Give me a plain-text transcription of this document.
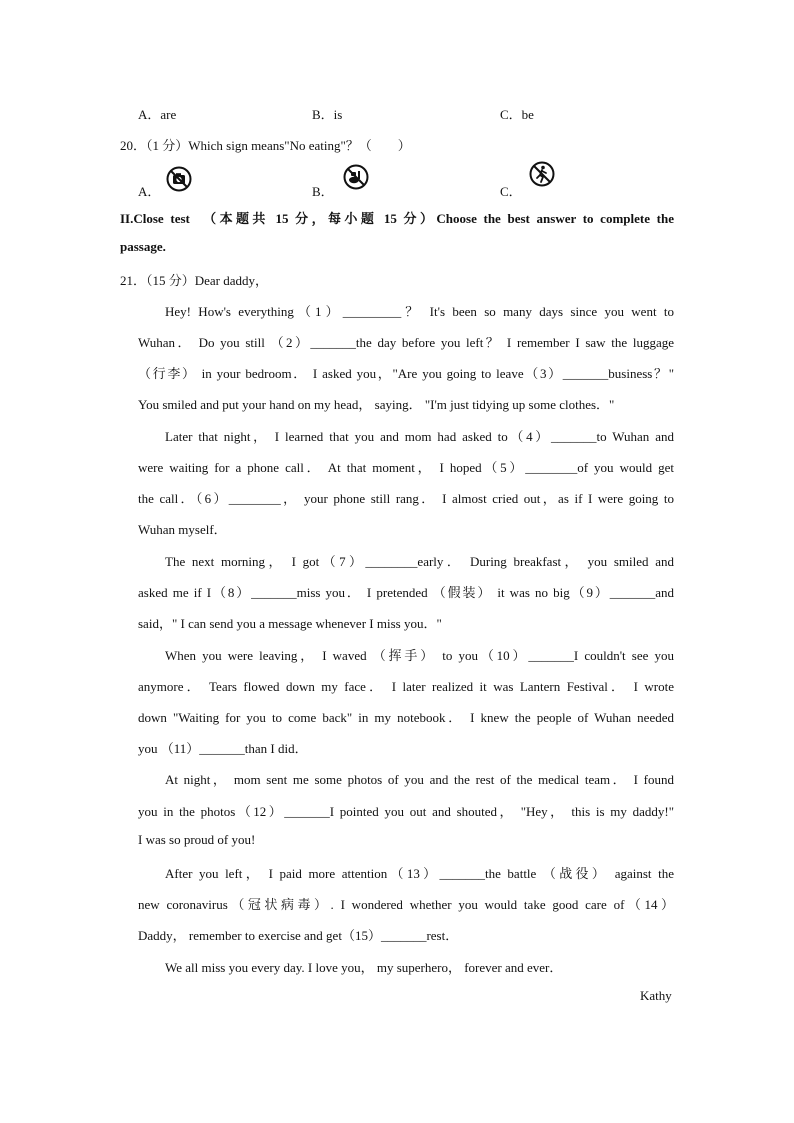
A．are	B．is	C．be
20．（1 分）Which sign means"No eating"？（　　）
A．	B．	C．
II.Close test　（本题共 15 分，每小题 15 分）Choose the best answer to complete the
passage.
21．（15 分）Dear daddy，
Hey! How's everything（1）_________？ It's been so many days since you went to
Wuhan． Do you still （2）_______the day before you left？ I remember I saw the luggage
（行李） in your bedroom． I asked you，"Are you going to leave（3）_______business？"
You smiled and put your hand on my head， saying． "I'm just tidying up some clothes．"
Later that night， I learned that you and mom had asked to（4）_______to Wuhan and
were waiting for a phone call． At that moment， I hoped（5）________of you would get
the call．（6）________， your phone still rang． I almost cried out，as if I were going to
Wuhan myself．
The next morning， I got（7）________early． During breakfast， you smiled and
asked me if I（8）_______miss you． I pretended （假装） it was no big（9）_______and
said，" I can send you a message whenever I miss you．"
When you were leaving， I waved （挥手） to you（10）_______I couldn't see you
anymore． Tears flowed down my face． I later realized it was Lantern Festival． I wrote
down "Waiting for you to come back" in my notebook． I knew the people of Wuhan needed
you （11）_______than I did．
At night， mom sent me some photos of you and the rest of the medical team． I found
you in the photos（12）_______I pointed you out and shouted， "Hey， this is my daddy!"
I was so proud of you!
After you left， I paid more attention（13）_______the battle （战役） against the
new coronavirus（冠状病毒）. I wondered whether you would take good care of（14）
Daddy， remember to exercise and get（15）_______rest．
We all miss you every day. I love you， my superhero， forever and ever．
Kathy
